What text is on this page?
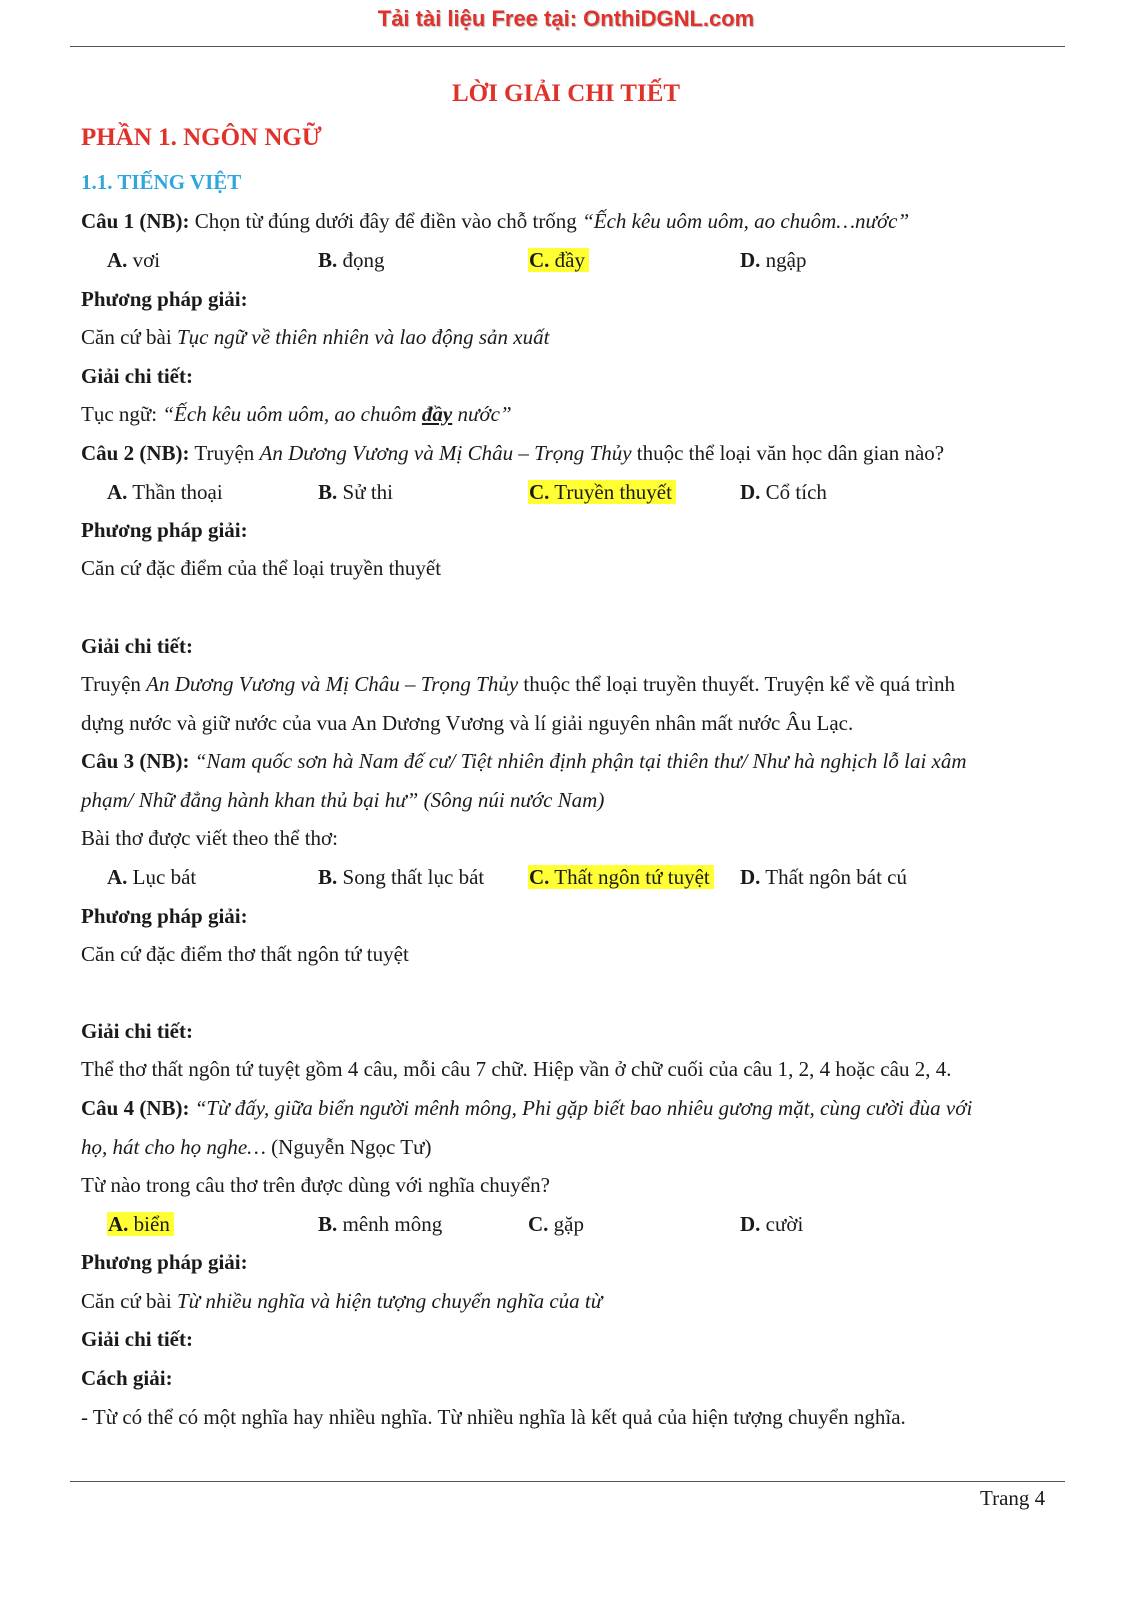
Tải tài liệu Free tại: OnthiDGNL.com
LỜI GIẢI CHI TIẾT
PHẦN 1. NGÔN NGỮ
1.1. TIẾNG VIỆT
Câu 1 (NB): Chọn từ đúng dưới đây để điền vào chỗ trống “Ếch kêu uôm uôm, ao chuôm…nước”
A. vơi	B. đọng	C. đầy	D. ngập
Phương pháp giải:
Căn cứ bài Tục ngữ về thiên nhiên và lao động sản xuất
Giải chi tiết:
Tục ngữ: “Ếch kêu uôm uôm, ao chuôm đầy nước”
Câu 2 (NB): Truyện An Dương Vương và Mị Châu – Trọng Thủy thuộc thể loại văn học dân gian nào?
A. Thần thoại	B. Sử thi	C. Truyền thuyết	D. Cổ tích
Phương pháp giải:
Căn cứ đặc điểm của thể loại truyền thuyết
Giải chi tiết:
Truyện An Dương Vương và Mị Châu – Trọng Thủy thuộc thể loại truyền thuyết. Truyện kể về quá trình
dựng nước và giữ nước của vua An Dương Vương và lí giải nguyên nhân mất nước Âu Lạc.
Câu 3 (NB): “Nam quốc sơn hà Nam đế cư/ Tiệt nhiên định phận tại thiên thư/ Như hà nghịch lỗ lai xâm
phạm/ Nhữ đẳng hành khan thủ bại hư” (Sông núi nước Nam)
Bài thơ được viết theo thể thơ:
A. Lục bát	B. Song thất lục bát C. Thất ngôn tứ tuyệt D. Thất ngôn bát cú
Phương pháp giải:
Căn cứ đặc điểm thơ thất ngôn tứ tuyệt
Giải chi tiết:
Thể thơ thất ngôn tứ tuyệt gồm 4 câu, mỗi câu 7 chữ. Hiệp vần ở chữ cuối của câu 1, 2, 4 hoặc câu 2, 4.
Câu 4 (NB): “Từ đấy, giữa biển người mênh mông, Phi gặp biết bao nhiêu gương mặt, cùng cười đùa với
họ, hát cho họ nghe… (Nguyễn Ngọc Tư)
Từ nào trong câu thơ trên được dùng với nghĩa chuyển?
A. biển	B. mênh mông	C. gặp	D. cười
Phương pháp giải:
Căn cứ bài Từ nhiều nghĩa và hiện tượng chuyển nghĩa của từ
Giải chi tiết:
Cách giải:
- Từ có thể có một nghĩa hay nhiều nghĩa. Từ nhiều nghĩa là kết quả của hiện tượng chuyển nghĩa.
Trang 4
